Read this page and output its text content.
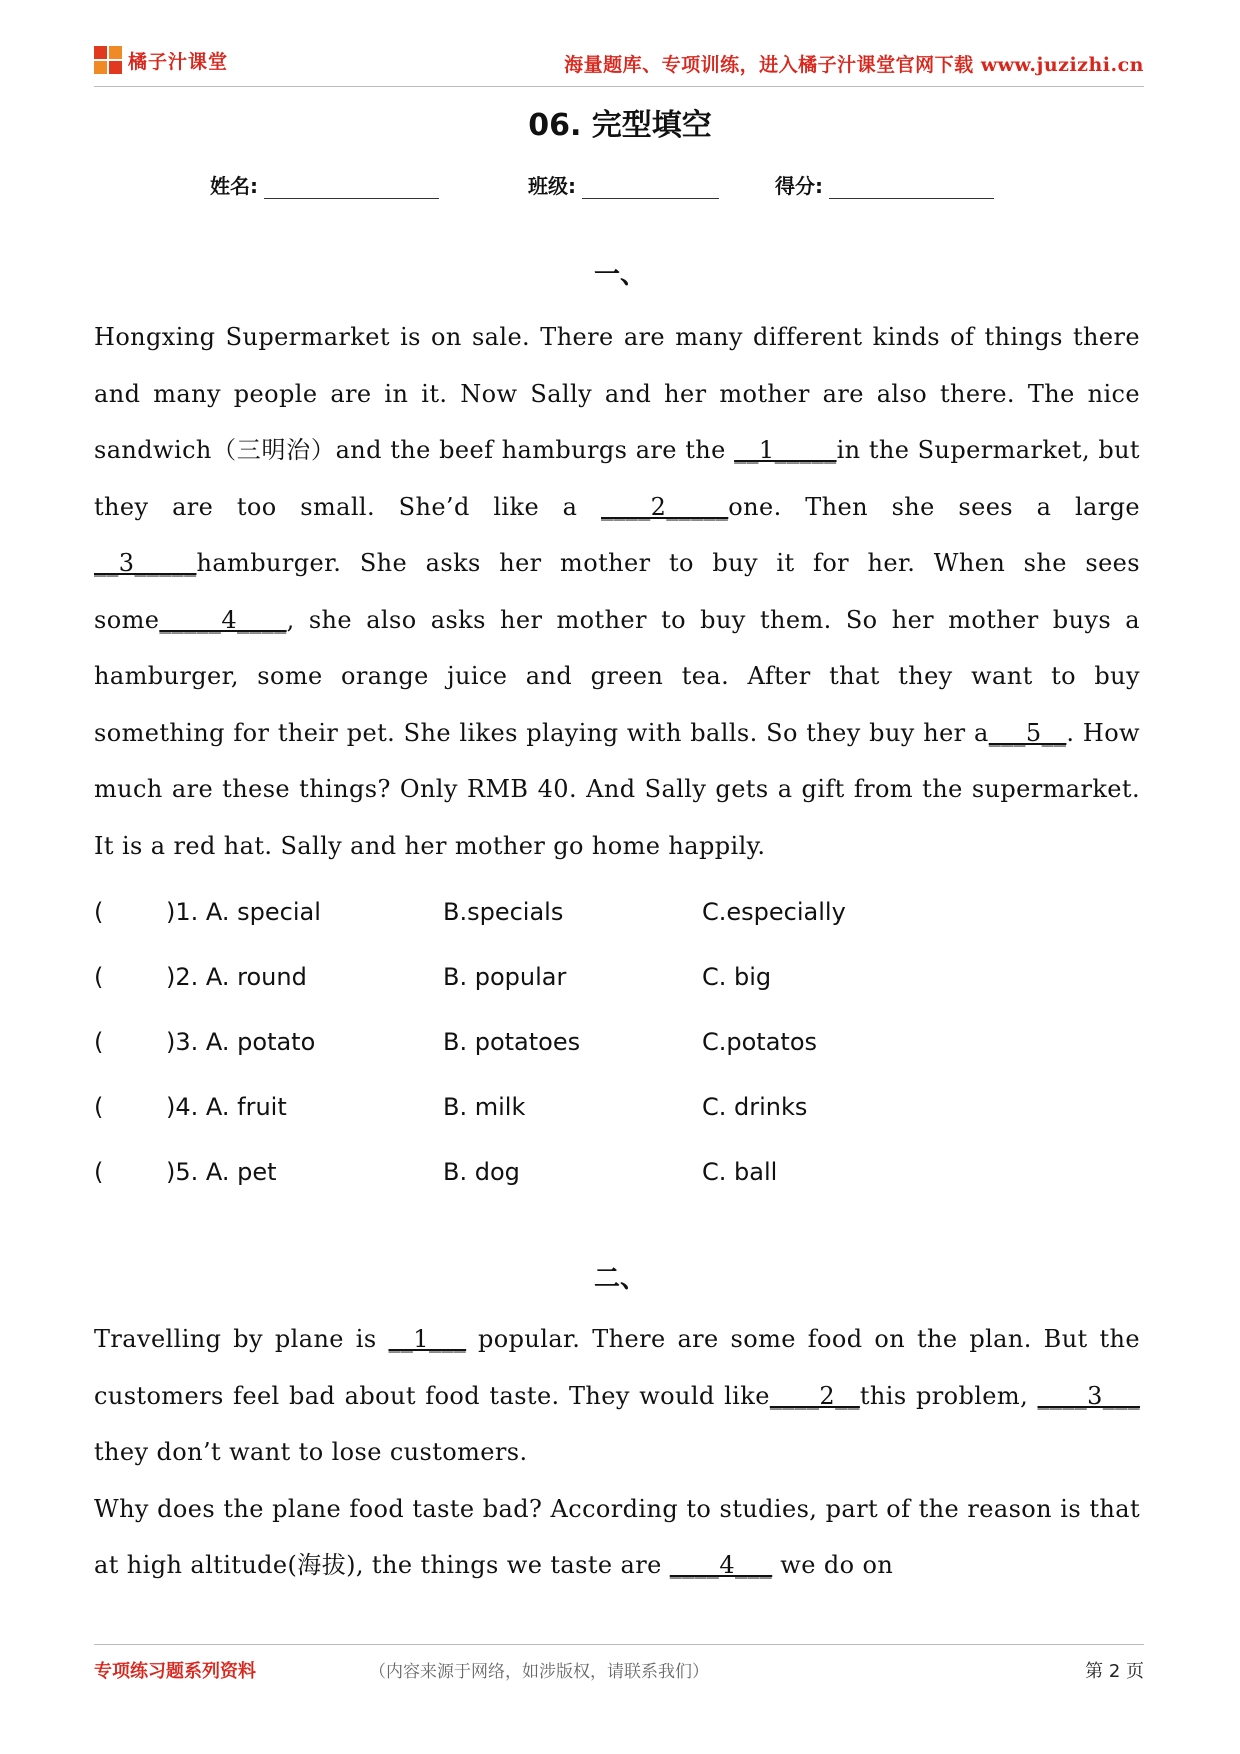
橘子汁课堂	海量题库、专项训练，进入橘子汁课堂官网下载 www.juzizhi.cn
06. 完型填空
姓名:	班级:	得分:
一、

Hongxing Supermarket is on sale. There are many different kinds of things there and many people are in it. Now Sally and her mother are also there. The nice sandwich（三明治）and the beef hamburgs are the __1_____in the Supermarket, but they are too small. She’d like a ____2_____one. Then she sees a large __3_____hamburger. She asks her mother to buy it for her. When she sees some_____4____, she also asks her mother to buy them. So her mother buys a hamburger, some orange juice and green tea. After that they want to buy something for their pet. She likes playing with balls. So they buy her a___5__. How much are these things? Only RMB 40. And Sally gets a gift from the supermarket. It is a red hat. Sally and her mother go home happily.

(	)1. A. special	B.specials	C.especially
(	)2. A. round	B. popular	C. big
(	)3. A. potato	B. potatoes	C.potatos
(	)4. A. fruit	B. milk	C. drinks
(	)5. A. pet	B. dog	C. ball
二、

Travelling by plane is __1___ popular. There are some food on the plan. But the customers feel bad about food taste. They would like____2__this problem, ____3___ they don’t want to lose customers.

Why does the plane food taste bad? According to studies, part of the reason is that at high altitude(海拔), the things we taste are ____4___ we do on

专项练习题系列资料	（内容来源于网络，如涉版权，请联系我们）	第 2 页
